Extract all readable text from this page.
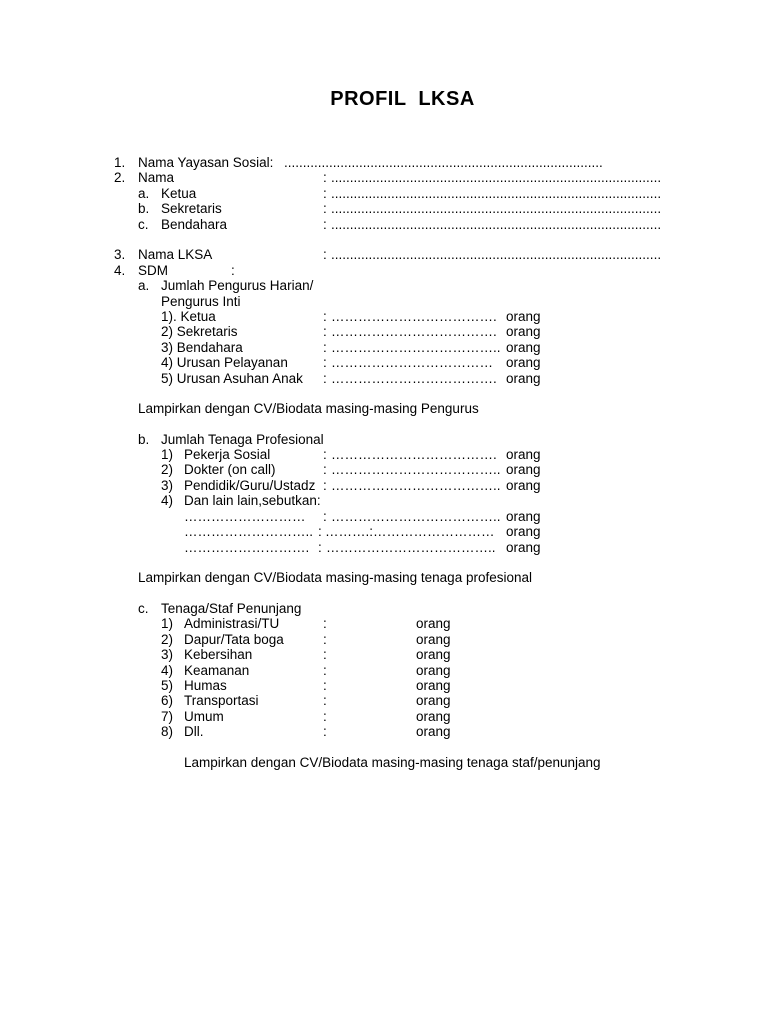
PROFIL  LKSA
1. Nama Yayasan Sosial: .....................................................................................
2. Nama	: ........................................................................................
a. Ketua	: ........................................................................................
b. Sekretaris	: ........................................................................................
c. Bendahara	: ........................................................................................
3. Nama LKSA	: ........................................................................................
4. SDM	:
a. Jumlah Pengurus Harian/
Pengurus Inti
1). Ketua	: ………………………………. orang
2) Sekretaris	: ………………………………. orang
3) Bendahara	: ……………………………….. orang
4) Urusan Pelayanan	: ……………………………… orang
5) Urusan Asuhan Anak : ………………………………. orang
Lampirkan dengan CV/Biodata masing-masing Pengurus
b. Jumlah Tenaga Profesional
1) Pekerja Sosial	: ………………………………. orang
2) Dokter (on call)	: ……………………………….. orang
3) Pendidik/Guru/Ustadz : ……………………………….. orang
4) Dan lain lain,sebutkan:
……………………… : ……………………………….. orang
……………………….. : ……….:……………………… orang
………………………. : ……………………………….. orang
Lampirkan dengan CV/Biodata masing-masing tenaga profesional
c. Tenaga/Staf Penunjang
1) Administrasi/TU	:	orang
2) Dapur/Tata boga	:	orang
3) Kebersihan	:	orang
4) Keamanan	:	orang
5) Humas	:	orang
6) Transportasi	:	orang
7) Umum	:	orang
8) Dll.	:	orang
Lampirkan dengan CV/Biodata masing-masing tenaga staf/penunjang
